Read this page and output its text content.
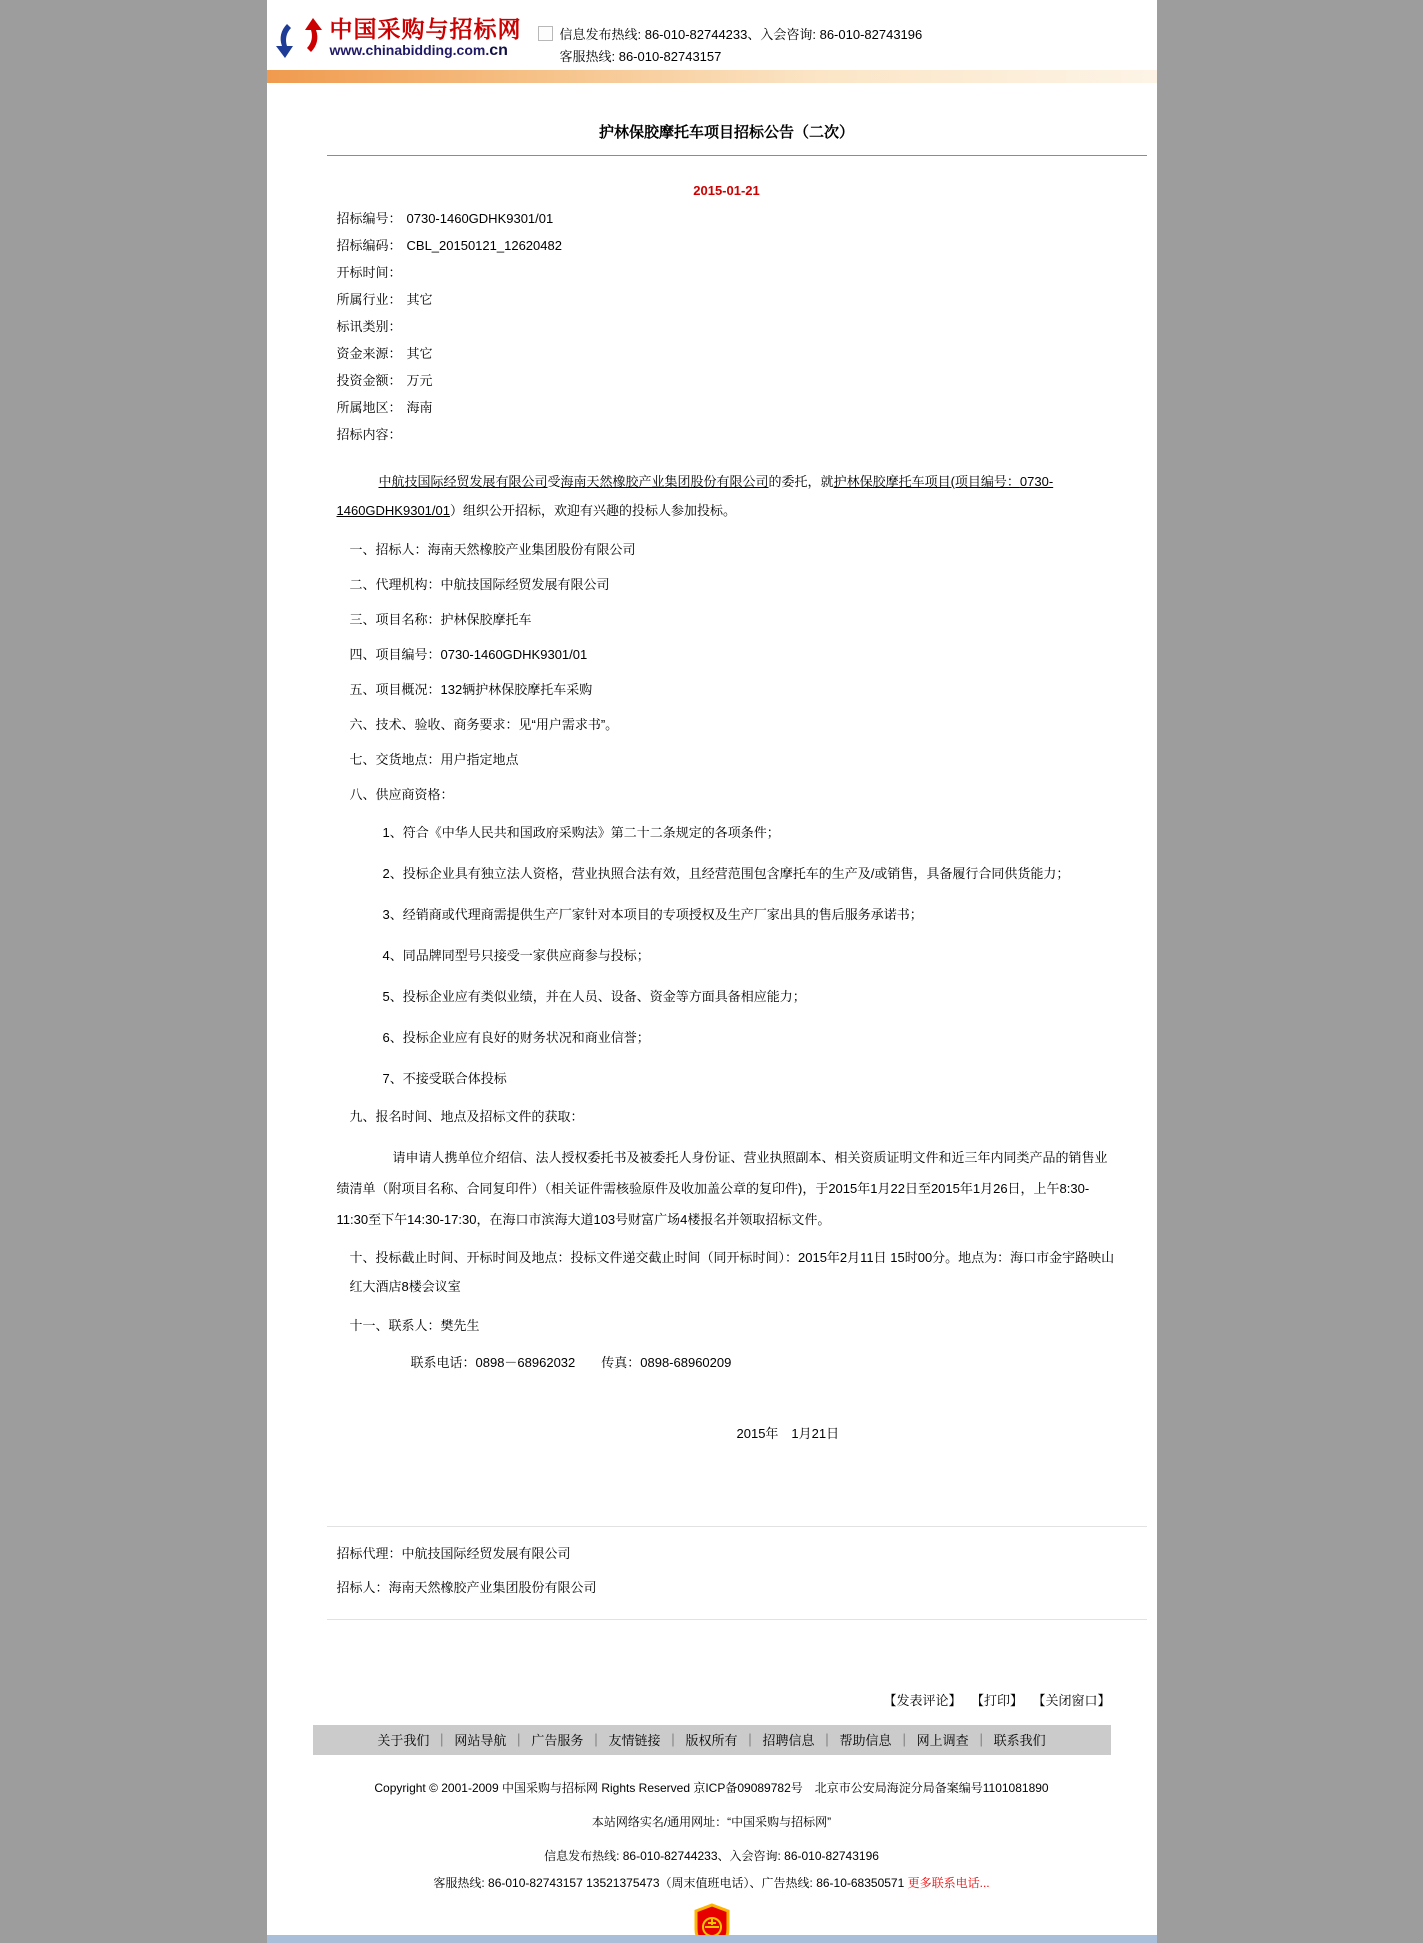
中国采购与招标网
www.chinabidding.com.cn
信息发布热线: 86-010-82744233、入会咨询: 86-010-82743196
客服热线: 86-010-82743157

护林保胶摩托车项目招标公告（二次）

2015-01-21

招标编号： 0730-1460GDHK9301/01

招标编码： CBL_20150121_12620482

开标时间：

所属行业： 其它

标讯类别：

资金来源： 其它

投资金额： 万元

所属地区： 海南

招标内容：

中航技国际经贸发展有限公司受海南天然橡胶产业集团股份有限公司的委托，就护林保胶摩托车项目(项目编号：0730-1460GDHK9301/01）组织公开招标，欢迎有兴趣的投标人参加投标。

一、招标人：海南天然橡胶产业集团股份有限公司

二、代理机构：中航技国际经贸发展有限公司

三、项目名称：护林保胶摩托车

四、项目编号：0730-1460GDHK9301/01

五、项目概况：132辆护林保胶摩托车采购

六、技术、验收、商务要求：见“用户需求书”。

七、交货地点：用户指定地点

八、供应商资格：

1、符合《中华人民共和国政府采购法》第二十二条规定的各项条件；

2、投标企业具有独立法人资格，营业执照合法有效，且经营范围包含摩托车的生产及/或销售，具备履行合同供货能力；

3、经销商或代理商需提供生产厂家针对本项目的专项授权及生产厂家出具的售后服务承诺书；

4、同品牌同型号只接受一家供应商参与投标；

5、投标企业应有类似业绩，并在人员、设备、资金等方面具备相应能力；

6、投标企业应有良好的财务状况和商业信誉；

7、不接受联合体投标

九、报名时间、地点及招标文件的获取：

请申请人携单位介绍信、法人授权委托书及被委托人身份证、营业执照副本、相关资质证明文件和近三年内同类产品的销售业绩清单（附项目名称、合同复印件）（相关证件需核验原件及收加盖公章的复印件)，于2015年1月22日至2015年1月26日，上午8:30-11:30至下午14:30-17:30，在海口市滨海大道103号财富广场4楼报名并领取招标文件。

十、投标截止时间、开标时间及地点：投标文件递交截止时间（同开标时间）：2015年2月11日 15时00分。地点为：海口市金宇路映山红大酒店8楼会议室

十一、联系人：樊先生

联系电话：0898－68962032　　传真：0898-68960209

2015年　1月21日

招标代理：中航技国际经贸发展有限公司

招标人：海南天然橡胶产业集团股份有限公司

【发表评论】 【打印】 【关闭窗口】

关于我们 ｜ 网站导航 ｜ 广告服务 ｜ 友情链接 ｜ 版权所有 ｜ 招聘信息 ｜ 帮助信息 ｜ 网上调查 ｜ 联系我们

Copyright © 2001-2009 中国采购与招标网 Rights Reserved 京ICP备09089782号　北京市公安局海淀分局备案编号1101081890

本站网络实名/通用网址：“中国采购与招标网”

信息发布热线: 86-010-82744233、入会咨询: 86-010-82743196

客服热线: 86-010-82743157 13521375473（周末值班电话）、广告热线: 86-10-68350571 更多联系电话...
